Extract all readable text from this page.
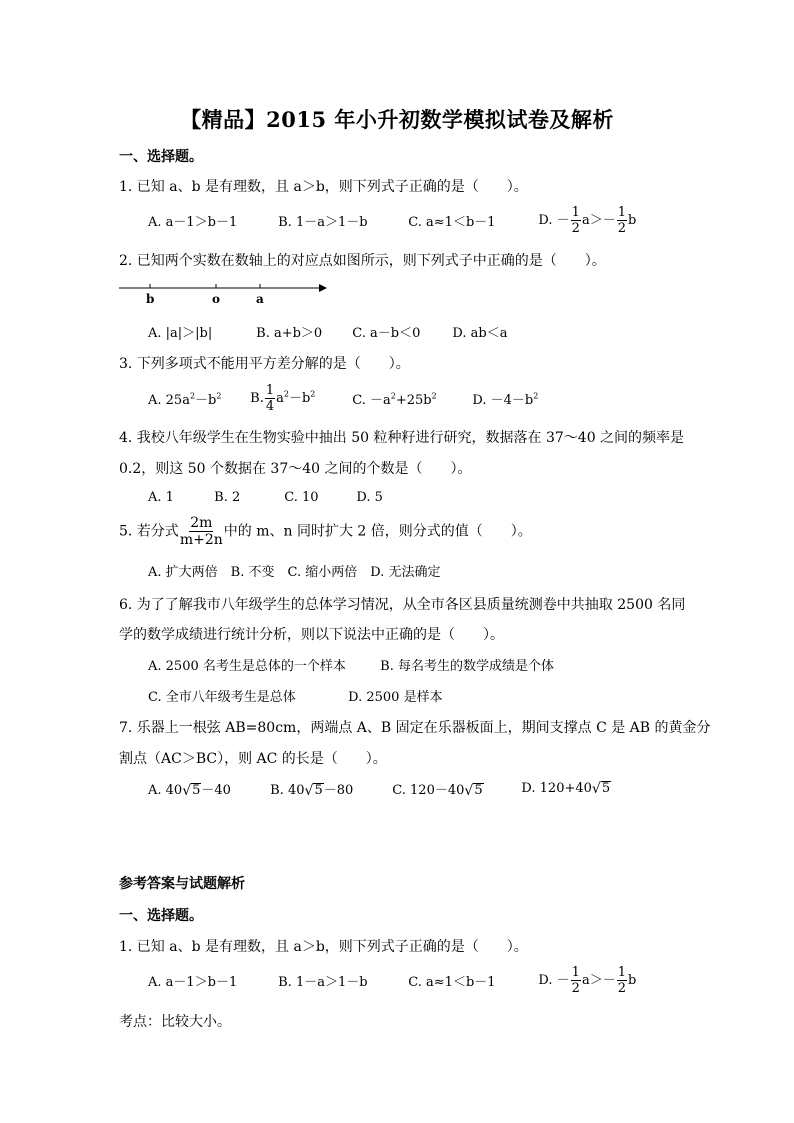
【精品】2015 年小升初数学模拟试卷及解析
一、选择题。
1. 已知 a、b 是有理数，且 a＞b，则下列式子正确的是（　　）。
A. a－1＞b－1	B. 1－a＞1－b	C. a≈1＜b－1	D. － $\frac{1}{2} a>- \frac{1}{2}$ b
2. 已知两个实数在数轴上的对应点如图所示，则下列式子中正确的是（　　）。
b	o	a
A. |a|＞|b|	B. a+b＞0 C. a－b＜0 D. ab＜a
3. 下列多项式不能用平方差分解的是（　　）。
A. $25a^2-b^2$ B. $\frac{1}{4} a^2-b^2$	C. $-a^2+25b^2$	D. $-4-b^2$
4. 我校八年级学生在生物实验中抽出 50 粒种籽进行研究，数据落在 37～40 之间的频率是
0.2，则这 50 个数据在 37～40 之间的个数是（　　）。
A. 1	B. 2	C. 10	D. 5
5. 若分式 $\frac{2m}{m+2n}$ 中的 m、n 同时扩大 2 倍，则分式的值（　　）。
A. 扩大两倍　B. 不变　C. 缩小两倍　D. 无法确定
6. 为了了解我市八年级学生的总体学习情况，从全市各区县质量统测卷中共抽取 2500 名同
学的数学成绩进行统计分析，则以下说法中正确的是（　　）。
A. 2500 名考生是总体的一个样本	B. 每名考生的数学成绩是个体
C. 全市八年级考生是总体	D. 2500 是样本
7. 乐器上一根弦 AB=80cm，两端点 A、B 固定在乐器板面上，期间支撑点 C 是 AB 的黄金分
割点（AC＞BC），则 AC 的长是（　　）。
A. 40 √ 5 －40	B. 40 √ 5 －80	C. 120－40 √ 5	D. 120+40 √ 5
参考答案与试题解析
一、选择题。
1. 已知 a、b 是有理数，且 a＞b，则下列式子正确的是（　　）。
A. a－1＞b－1	B. 1－a＞1－b	C. a≈1＜b－1	D. － $\frac{1}{2} a>- \frac{1}{2}$ b
考点：比较大小。
